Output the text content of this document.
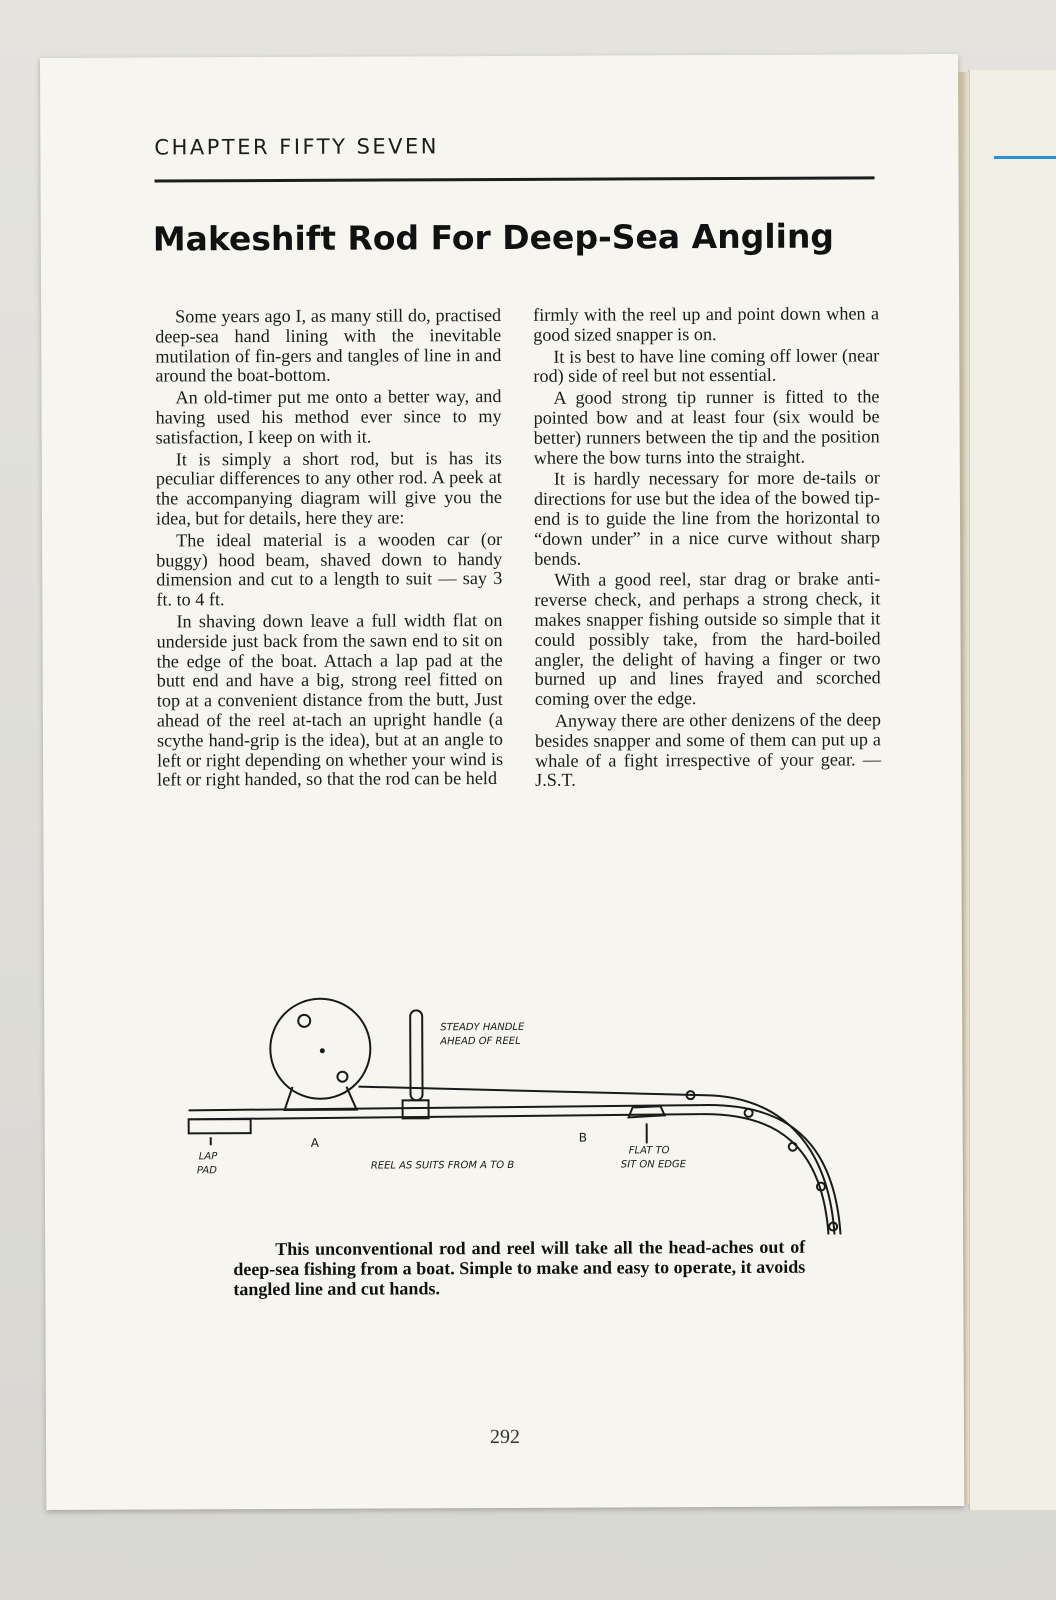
CHAPTER FIFTY SEVEN
Makeshift Rod For Deep-Sea Angling

Some years ago I, as many still do, practised deep-sea hand lining with the inevitable mutilation of fin-gers and tangles of line in and around the boat-bottom.

An old-timer put me onto a better way, and having used his method ever since to my satisfaction, I keep on with it.

It is simply a short rod, but is has its peculiar differences to any other rod. A peek at the accompanying diagram will give you the idea, but for details, here they are:

The ideal material is a wooden car (or buggy) hood beam, shaved down to handy dimension and cut to a length to suit — say 3 ft. to 4 ft.

In shaving down leave a full width flat on underside just back from the sawn end to sit on the edge of the boat. Attach a lap pad at the butt end and have a big, strong reel fitted on top at a convenient distance from the butt, Just ahead of the reel at-tach an upright handle (a scythe hand-grip is the idea), but at an angle to left or right depending on whether your wind is left or right handed, so that the rod can be held

firmly with the reel up and point down when a good sized snapper is on.

It is best to have line coming off lower (near rod) side of reel but not essential.

A good strong tip runner is fitted to the pointed bow and at least four (six would be better) runners between the tip and the position where the bow turns into the straight.

It is hardly necessary for more de-tails or directions for use but the idea of the bowed tip-end is to guide the line from the horizontal to “down under” in a nice curve without sharp bends.

With a good reel, star drag or brake anti-reverse check, and perhaps a strong check, it makes snapper fishing outside so simple that it could possibly take, from the hard-boiled angler, the delight of having a finger or two burned up and lines frayed and scorched coming over the edge.

Anyway there are other denizens of the deep besides snapper and some of them can put up a whale of a fight irrespective of your gear. —J.S.T.

STEADY HANDLE
AHEAD OF REEL
LAP
PAD
A	B
REEL AS SUITS FROM A TO B
FLAT TO
SIT ON EDGE

This unconventional rod and reel will take all the head-aches out of deep-sea fishing from a boat. Simple to make and easy to operate, it avoids tangled line and cut hands.

292
